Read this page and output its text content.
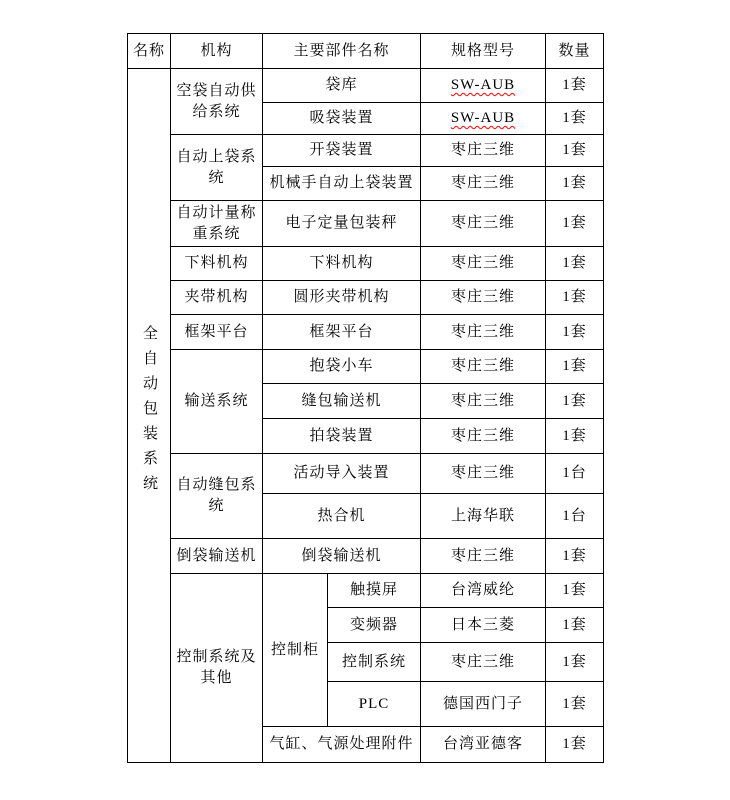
名称	机构	主要部件名称		规格型号	数量
全自动包装系统	空袋自动供给系统	袋库		SW-AUB	1套
		吸袋装置		SW-AUB	1套
	自动上袋系统	开袋装置		枣庄三维	1套
		机械手自动上袋装置		枣庄三维	1套
	自动计量称重系统	电子定量包装秤		枣庄三维	1套
	下料机构	下料机构		枣庄三维	1套
	夹带机构	圆形夹带机构		枣庄三维	1套
	框架平台	框架平台		枣庄三维	1套
	输送系统	抱袋小车		枣庄三维	1套
		缝包输送机		枣庄三维	1套
		拍袋装置		枣庄三维	1套
	自动缝包系统	活动导入装置		枣庄三维	1台
		热合机		上海华联	1台
	倒袋输送机	倒袋输送机		枣庄三维	1套
	控制系统及其他	控制柜	触摸屏	台湾威纶	1套
			变频器	日本三菱	1套
			控制系统	枣庄三维	1套
			PLC	德国西门子	1套
		气缸、气源处理附件		台湾亚德客	1套
